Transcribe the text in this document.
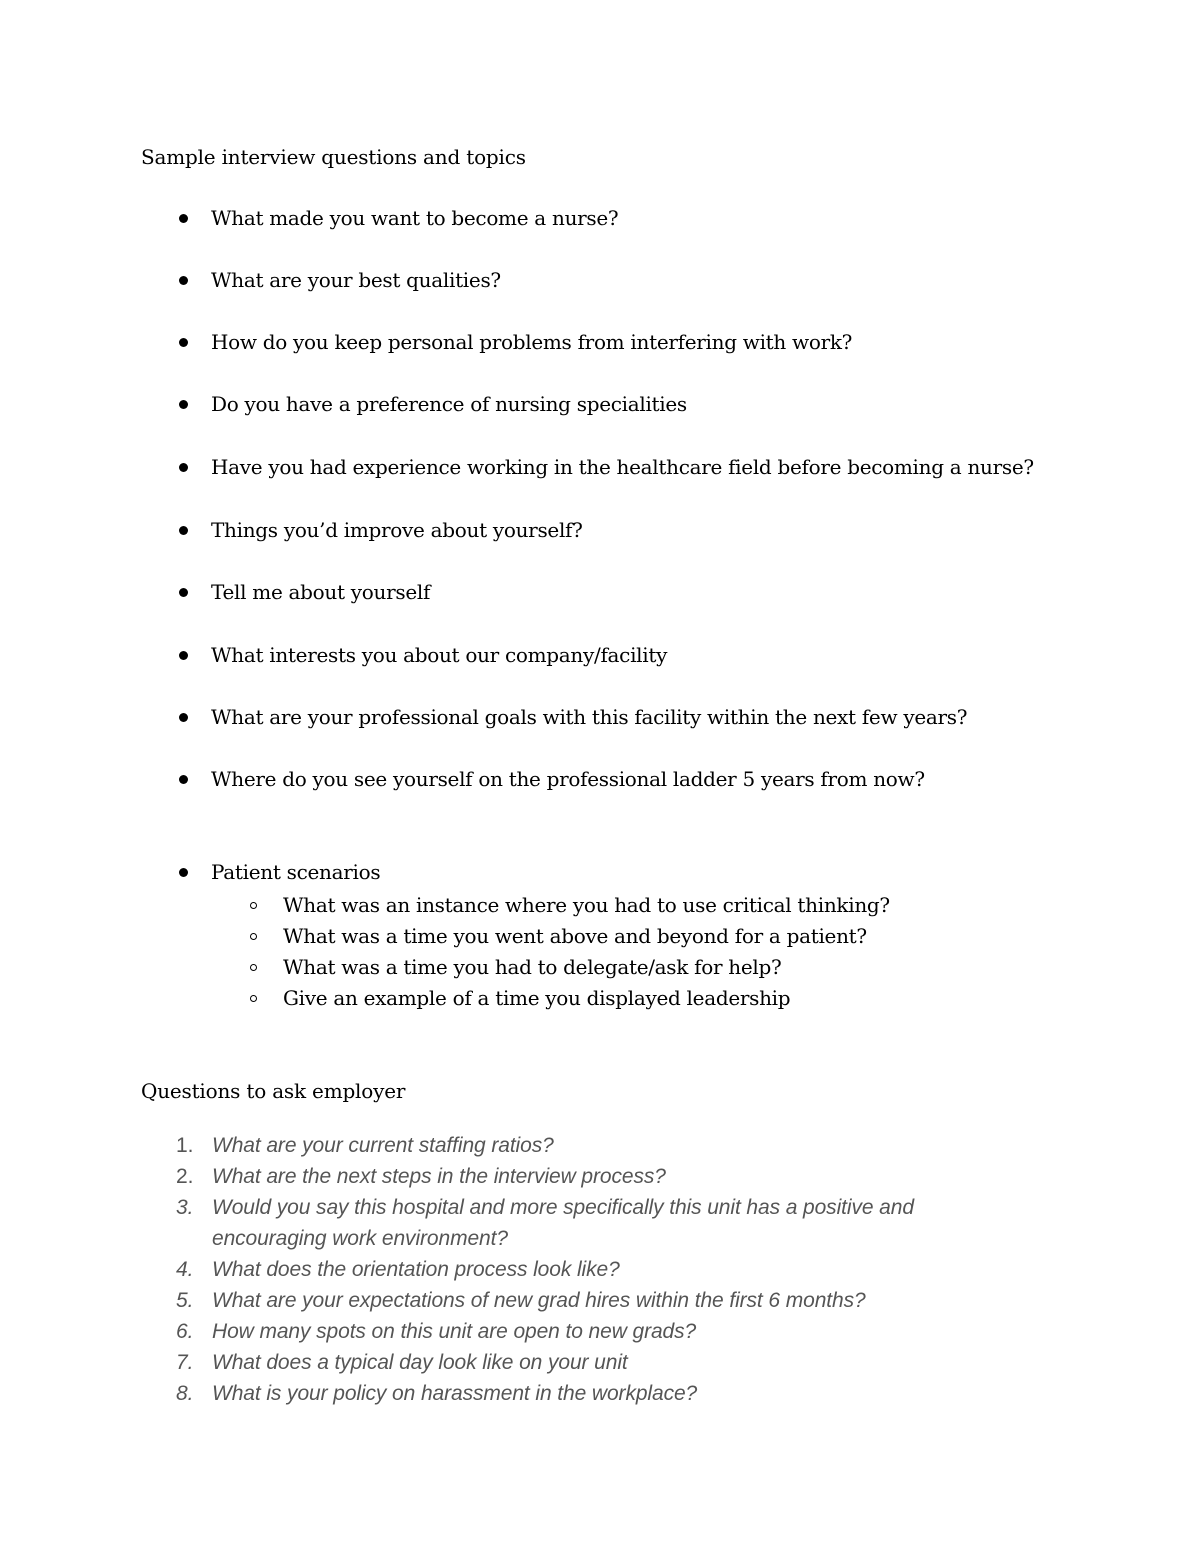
Sample interview questions and topics
What made you want to become a nurse?
What are your best qualities?
How do you keep personal problems from interfering with work?
Do you have a preference of nursing specialities
Have you had experience working in the healthcare field before becoming a nurse?
Things you’d improve about yourself?
Tell me about yourself
What interests you about our company/facility
What are your professional goals with this facility within the next few years?
Where do you see yourself on the professional ladder 5 years from now?
Patient scenarios
What was an instance where you had to use critical thinking?
What was a time you went above and beyond for a patient?
What was a time you had to delegate/ask for help?
Give an example of a time you displayed leadership
Questions to ask employer
1. What are your current staffing ratios?
2. What are the next steps in the interview process?
3. Would you say this hospital and more specifically this unit has a positive and
encouraging work environment?
4. What does the orientation process look like?
5. What are your expectations of new grad hires within the first 6 months?
6. How many spots on this unit are open to new grads?
7. What does a typical day look like on your unit
8. What is your policy on harassment in the workplace?
